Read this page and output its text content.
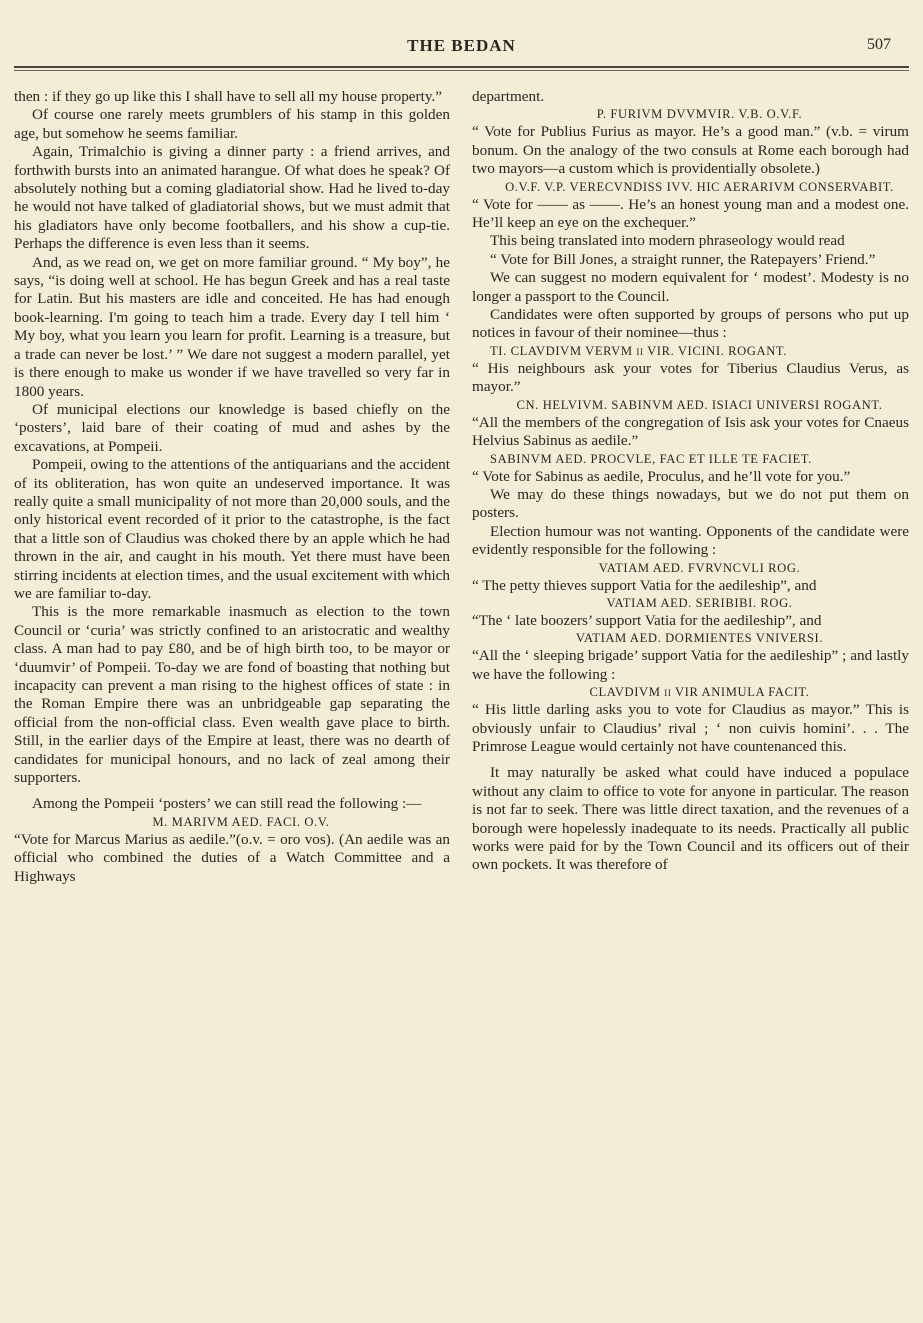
THE BEDAN	507

then : if they go up like this I shall have to sell all my house property.”

Of course one rarely meets grumblers of his stamp in this golden age, but somehow he seems familiar.

Again, Trimalchio is giving a dinner party : a friend arrives, and forthwith bursts into an animated harangue. Of what does he speak? Of absolutely nothing but a coming gladiatorial show. Had he lived to-day he would not have talked of gladiatorial shows, but we must admit that his gladiators have only become footballers, and his show a cup-tie. Perhaps the difference is even less than it seems.

And, as we read on, we get on more familiar ground. “ My boy”, he says, “is doing well at school. He has begun Greek and has a real taste for Latin. But his masters are idle and conceited. He has had enough book-learning. I'm going to teach him a trade. Every day I tell him ‘ My boy, what you learn you learn for profit. Learning is a treasure, but a trade can never be lost.’ ” We dare not suggest a modern parallel, yet is there enough to make us wonder if we have travelled so very far in 1800 years.

Of municipal elections our knowledge is based chiefly on the ‘posters’, laid bare of their coating of mud and ashes by the excavations, at Pompeii.

Pompeii, owing to the attentions of the antiquarians and the accident of its obliteration, has won quite an undeserved importance. It was really quite a small municipality of not more than 20,000 souls, and the only historical event recorded of it prior to the catastrophe, is the fact that a little son of Claudius was choked there by an apple which he had thrown in the air, and caught in his mouth. Yet there must have been stirring incidents at election times, and the usual excitement with which we are familiar to-day.

This is the more remarkable inasmuch as election to the town Council or ‘curia’ was strictly confined to an aristocratic and wealthy class. A man had to pay £80, and be of high birth too, to be mayor or ‘duumvir’ of Pompeii. To-day we are fond of boasting that nothing but incapacity can prevent a man rising to the highest offices of state : in the Roman Empire there was an unbridgeable gap separating the official from the non-official class. Even wealth gave place to birth. Still, in the earlier days of the Empire at least, there was no dearth of candidates for municipal honours, and no lack of zeal among their supporters.

Among the Pompeii ‘posters’ we can still read the following :—

M. MARIVM AED. FACI. O.V.

“Vote for Marcus Marius as aedile.”(o.v. = oro vos). (An aedile was an official who combined the duties of a Watch Committee and a Highways

department.

P. FURIVM DVVMVIR. V.B. O.V.F.

“ Vote for Publius Furius as mayor. He’s a good man.” (v.b. = virum bonum. On the analogy of the two consuls at Rome each borough had two mayors—a custom which is providentially obsolete.)

O.V.F. V.P. VERECVNDISS IVV. HIC AERARIVM CONSERVABIT.

“ Vote for —— as ——. He’s an honest young man and a modest one. He’ll keep an eye on the exchequer.”

This being translated into modern phraseology would read

“ Vote for Bill Jones, a straight runner, the Ratepayers’ Friend.”

We can suggest no modern equivalent for ‘ modest’. Modesty is no longer a passport to the Council.

Candidates were often supported by groups of persons who put up notices in favour of their nominee—thus :

TI. CLAVDIVM VERVM ii VIR. VICINI. ROGANT.

“ His neighbours ask your votes for Tiberius Claudius Verus, as mayor.”

CN. HELVIVM. SABINVM AED. ISIACI UNIVERSI ROGANT.

“All the members of the congregation of Isis ask your votes for Cnaeus Helvius Sabinus as aedile.”

SABINVM AED. PROCVLE, FAC ET ILLE TE FACIET.

“ Vote for Sabinus as aedile, Proculus, and he’ll vote for you.”

We may do these things nowadays, but we do not put them on posters.

Election humour was not wanting. Opponents of the candidate were evidently responsible for the following :

VATIAM AED. FVRVNCVLI ROG.

“ The petty thieves support Vatia for the aedileship”, and

VATIAM AED. SERIBIBI. ROG.

“The ‘ late boozers’ support Vatia for the aedileship”, and

VATIAM AED. DORMIENTES VNIVERSI.

“All the ‘ sleeping brigade’ support Vatia for the aedileship” ; and lastly we have the following :

CLAVDIVM ii VIR ANIMULA FACIT.

“ His little darling asks you to vote for Claudius as mayor.” This is obviously unfair to Claudius’ rival ; ‘ non cuivis homini’. . . The Primrose League would certainly not have countenanced this.

It may naturally be asked what could have induced a populace without any claim to office to vote for anyone in particular. The reason is not far to seek. There was little direct taxation, and the revenues of a borough were hopelessly inadequate to its needs. Practically all public works were paid for by the Town Council and its officers out of their own pockets. It was therefore of
